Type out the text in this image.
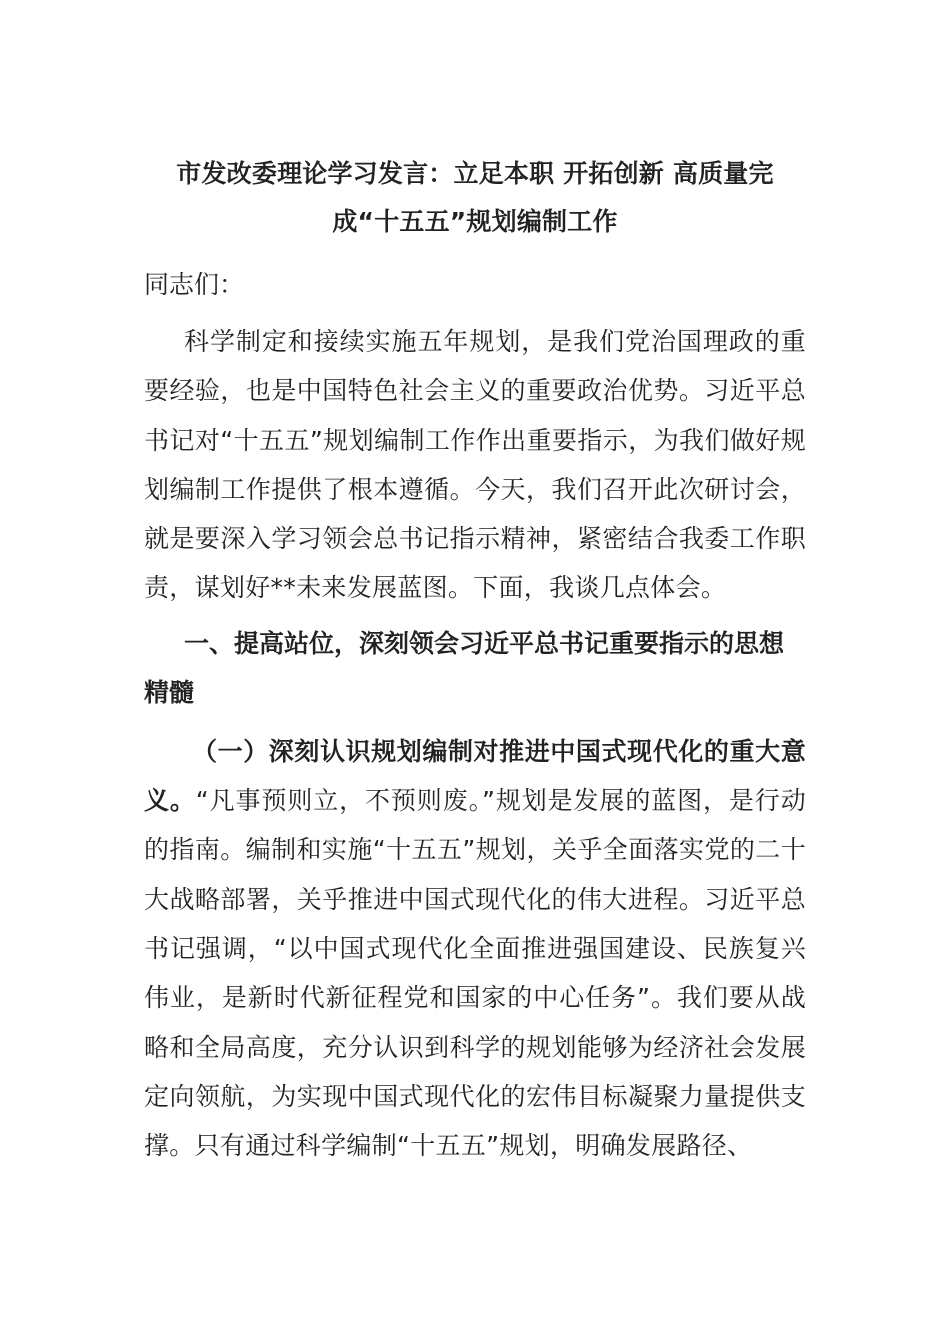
市发改委理论学习发言：立足本职 开拓创新 高质量完成“十五五”规划编制工作

同志们：

科学制定和接续实施五年规划，是我们党治国理政的重要经验，也是中国特色社会主义的重要政治优势。习近平总书记对“十五五”规划编制工作作出重要指示，为我们做好规划编制工作提供了根本遵循。今天，我们召开此次研讨会，就是要深入学习领会总书记指示精神，紧密结合我委工作职责，谋划好**未来发展蓝图。下面，我谈几点体会。

一、提高站位，深刻领会习近平总书记重要指示的思想精髓

（一）深刻认识规划编制对推进中国式现代化的重大意义。“凡事预则立，不预则废。”规划是发展的蓝图，是行动的指南。编制和实施“十五五”规划，关乎全面落实党的二十大战略部署，关乎推进中国式现代化的伟大进程。习近平总书记强调，“以中国式现代化全面推进强国建设、民族复兴伟业，是新时代新征程党和国家的中心任务”。我们要从战略和全局高度，充分认识到科学的规划能够为经济社会发展定向领航，为实现中国式现代化的宏伟目标凝聚力量提供支撑。只有通过科学编制“十五五”规划，明确发展路径、
